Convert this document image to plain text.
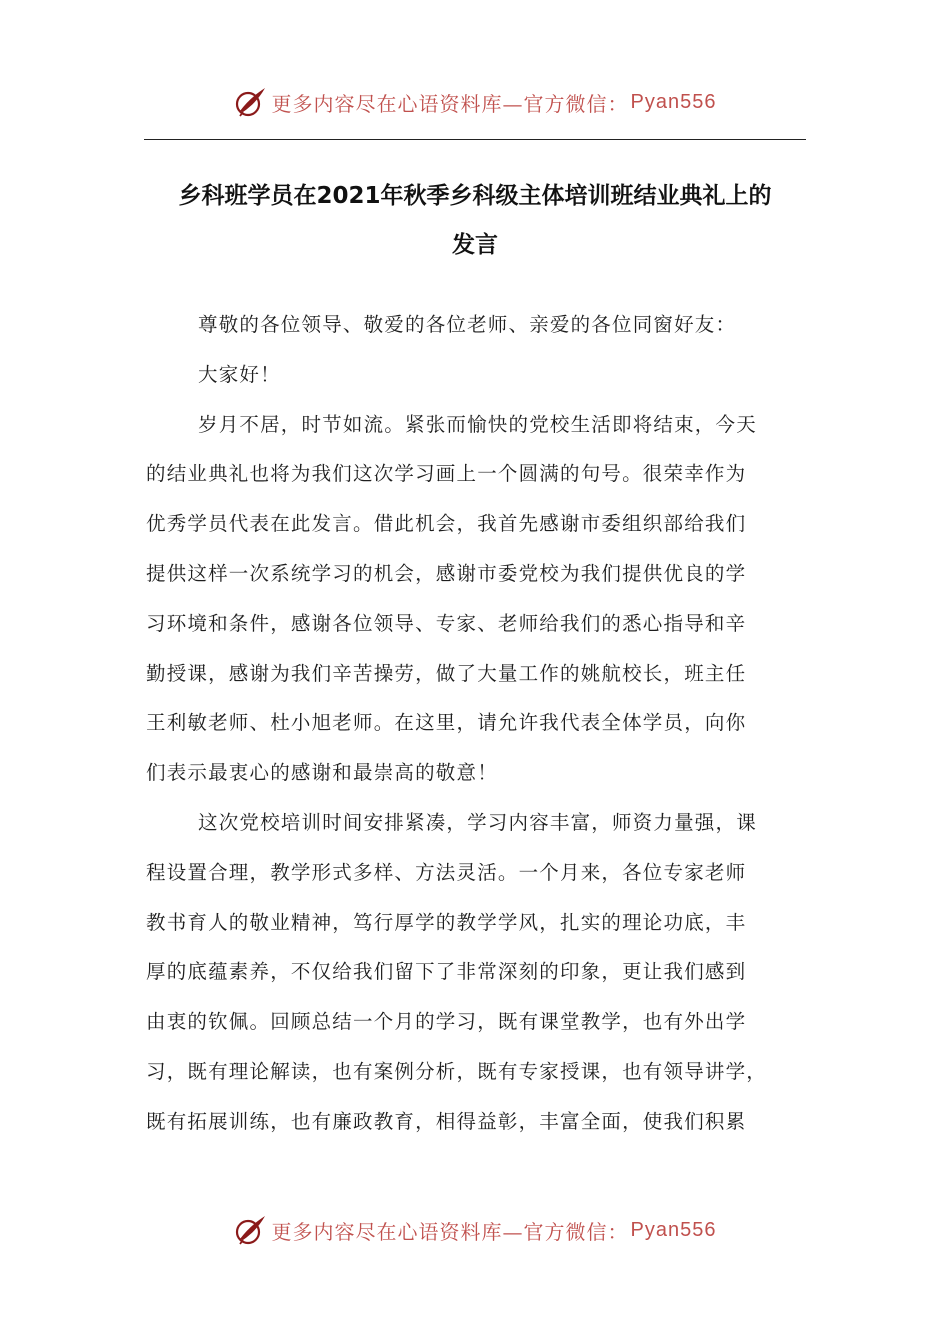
更多内容尽在心语资料库— 官方微信： Pyan556
乡科班学员在2021年秋季乡科级主体培训班结业典礼上的
发言
尊敬的各位领导、敬爱的各位老师、亲爱的各位同窗好友：
大家好！
岁月不居，时节如流。紧张而愉快的党校生活即将结束，今天
的结业典礼也将为我们这次学习画上一个圆满的句号。很荣幸作为
优秀学员代表在此发言。借此机会，我首先感谢市委组织部给我们
提供这样一次系统学习的机会，感谢市委党校为我们提供优良的学
习环境和条件，感谢各位领导、专家、老师给我们的悉心指导和辛
勤授课，感谢为我们辛苦操劳，做了大量工作的姚航校长，班主任
王利敏老师、杜小旭老师。在这里，请允许我代表全体学员，向你
们表示最衷心的感谢和最崇高的敬意！
这次党校培训时间安排紧凑，学习内容丰富，师资力量强，课
程设置合理，教学形式多样、方法灵活。一个月来，各位专家老师
教书育人的敬业精神，笃行厚学的教学学风，扎实的理论功底，丰
厚的底蕴素养，不仅给我们留下了非常深刻的印象，更让我们感到
由衷的钦佩。回顾总结一个月的学习，既有课堂教学，也有外出学
习，既有理论解读，也有案例分析，既有专家授课，也有领导讲学，
既有拓展训练，也有廉政教育，相得益彰，丰富全面，使我们积累
更多内容尽在心语资料库— 官方微信： Pyan556
